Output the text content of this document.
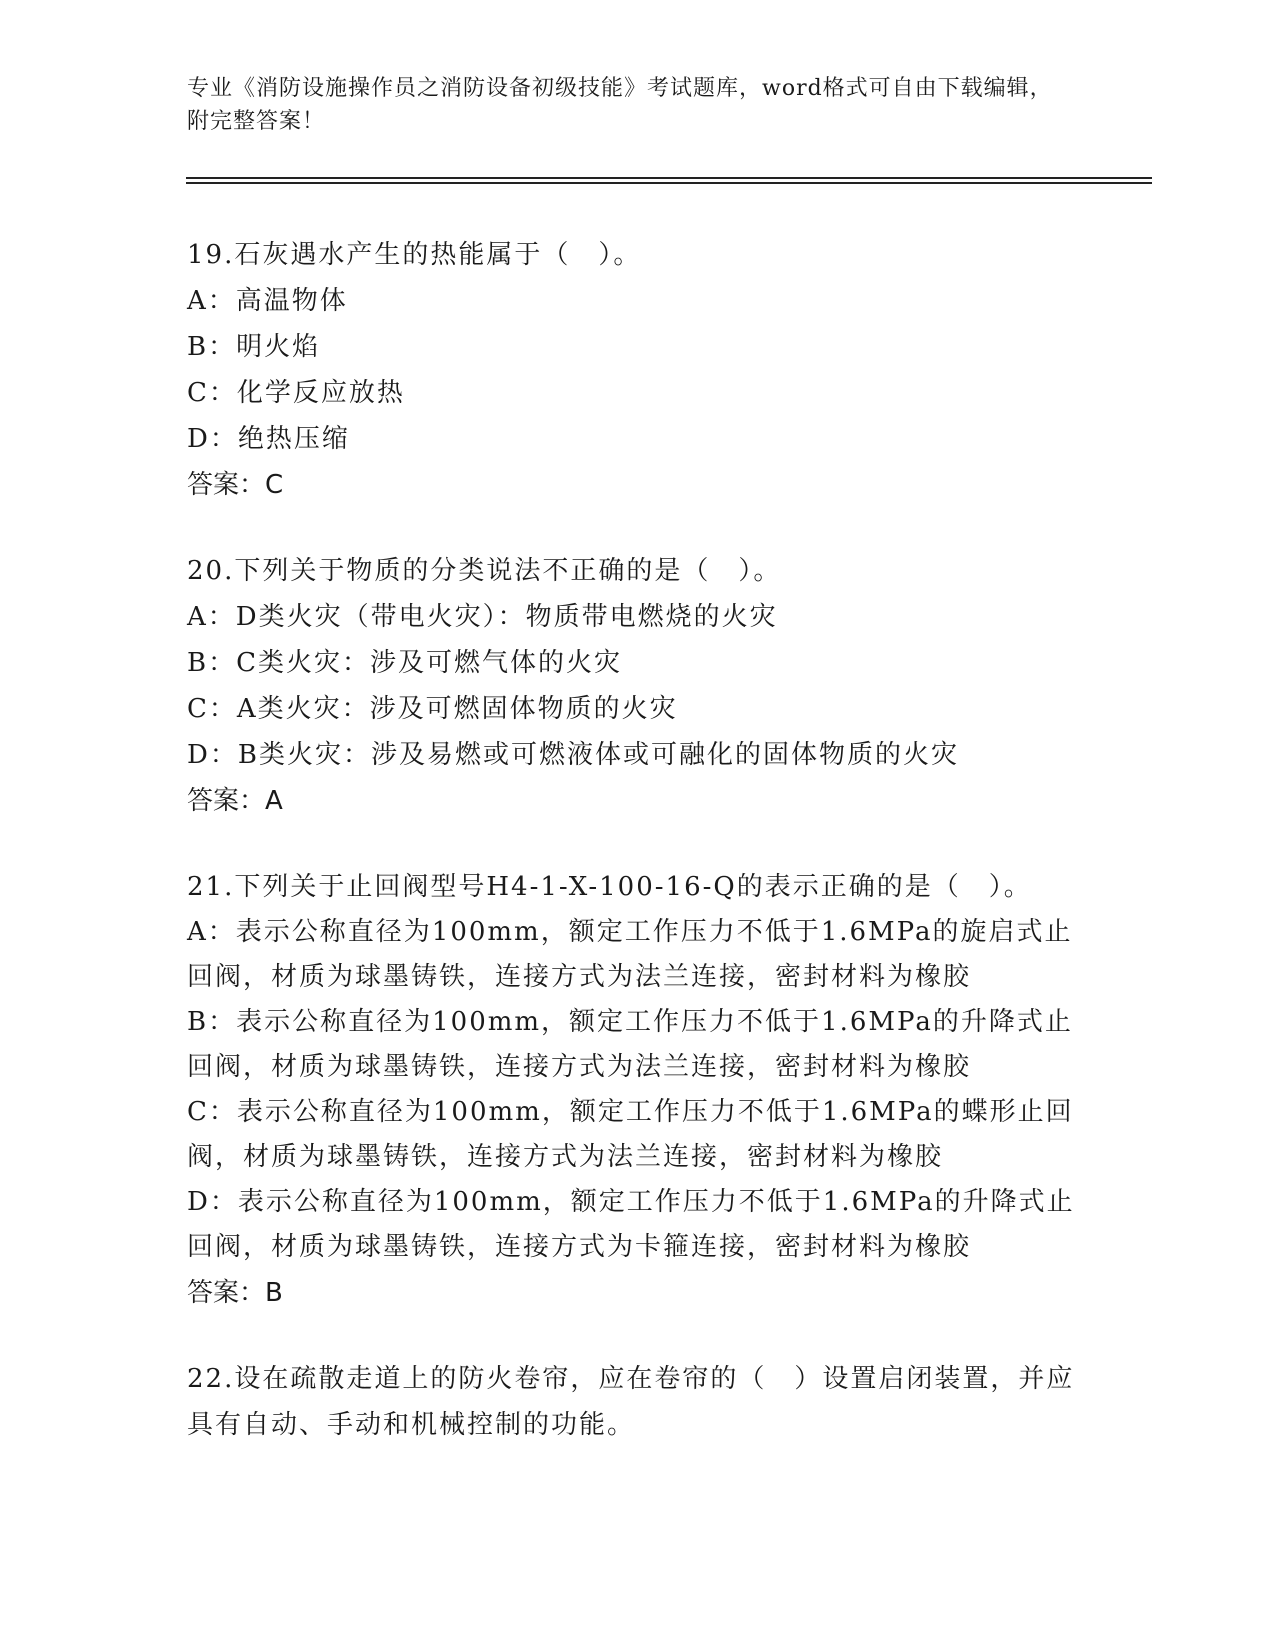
专业《消防设施操作员之消防设备初级技能》考试题库，word格式可自由下载编辑，附完整答案！

19.石灰遇水产生的热能属于（　）。

A：高温物体

B：明火焰

C：化学反应放热

D：绝热压缩

答案：C

20.下列关于物质的分类说法不正确的是（　）。

A：D类火灾（带电火灾）：物质带电燃烧的火灾

B：C类火灾：涉及可燃气体的火灾

C：A类火灾：涉及可燃固体物质的火灾

D：B类火灾：涉及易燃或可燃液体或可融化的固体物质的火灾

答案：A

21.下列关于止回阀型号H4-1-X-100-16-Q的表示正确的是（　）。

A：表示公称直径为100mm，额定工作压力不低于1.6MPa的旋启式止回阀，材质为球墨铸铁，连接方式为法兰连接，密封材料为橡胶

B：表示公称直径为100mm，额定工作压力不低于1.6MPa的升降式止回阀，材质为球墨铸铁，连接方式为法兰连接，密封材料为橡胶

C：表示公称直径为100mm，额定工作压力不低于1.6MPa的蝶形止回阀，材质为球墨铸铁，连接方式为法兰连接，密封材料为橡胶

D：表示公称直径为100mm，额定工作压力不低于1.6MPa的升降式止回阀，材质为球墨铸铁，连接方式为卡箍连接，密封材料为橡胶

答案：B

22.设在疏散走道上的防火卷帘，应在卷帘的（　）设置启闭装置，并应具有自动、手动和机械控制的功能。
